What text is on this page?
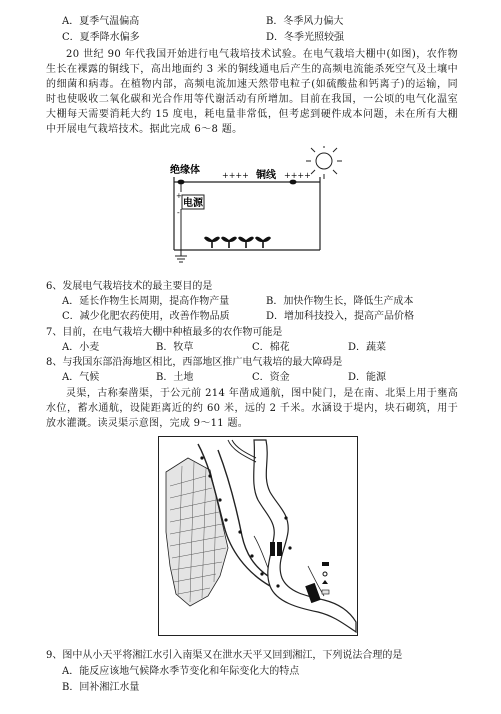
A．夏季气温偏高	B．冬季风力偏大
C．夏季降水偏多	D．冬季光照较强
20 世纪 90 年代我国开始进行电气栽培技术试验。在电气栽培大棚中(如图)，农作物生长在裸露的铜线下，高出地面约 3 米的铜线通电后产生的高频电流能杀死空气及土壤中的细菌和病毒。在植物内部，高频电流加速天然带电粒子(如硫酸盐和钙离子)的运输，同时也使吸收二氧化碳和光合作用等代谢活动有所增加。目前在我国，一公顷的电气化温室大棚每天需要消耗大约 15 度电，耗电量非常低，但考虑到硬件成本问题，未在所有大棚中开展电气栽培技术。据此完成 6～8 题。
绝缘体	铜线
++++	++++
电源
+
-
6、发展电气栽培技术的最主要目的是
A．延长作物生长周期，提高作物产量	B．加快作物生长，降低生产成本
C．减少化肥农药使用，改善作物品质	D．增加科技投入，提高产品价格
7、目前，在电气栽培大棚中种植最多的农作物可能是
A．小麦	B．牧草	C．棉花	D．蔬菜
8、与我国东部沿海地区相比，西部地区推广电气栽培的最大障碍是
A．气候	B．土地	C．资金	D．能源
灵渠，古称秦凿渠，于公元前 214 年凿成通航，图中陡门，是在南、北渠上用于壅高水位，蓄水通航，设陡距离近的约 60 米，远的 2 千米。水涵设于堤内，块石砌筑，用于放水灌溉。读灵渠示意图，完成 9～11 题。
9、图中从小天平将湘江水引入南渠又在泄水天平又回到湘江，下列说法合理的是
A．能反应该地气候降水季节变化和年际变化大的特点
B．回补湘江水量
